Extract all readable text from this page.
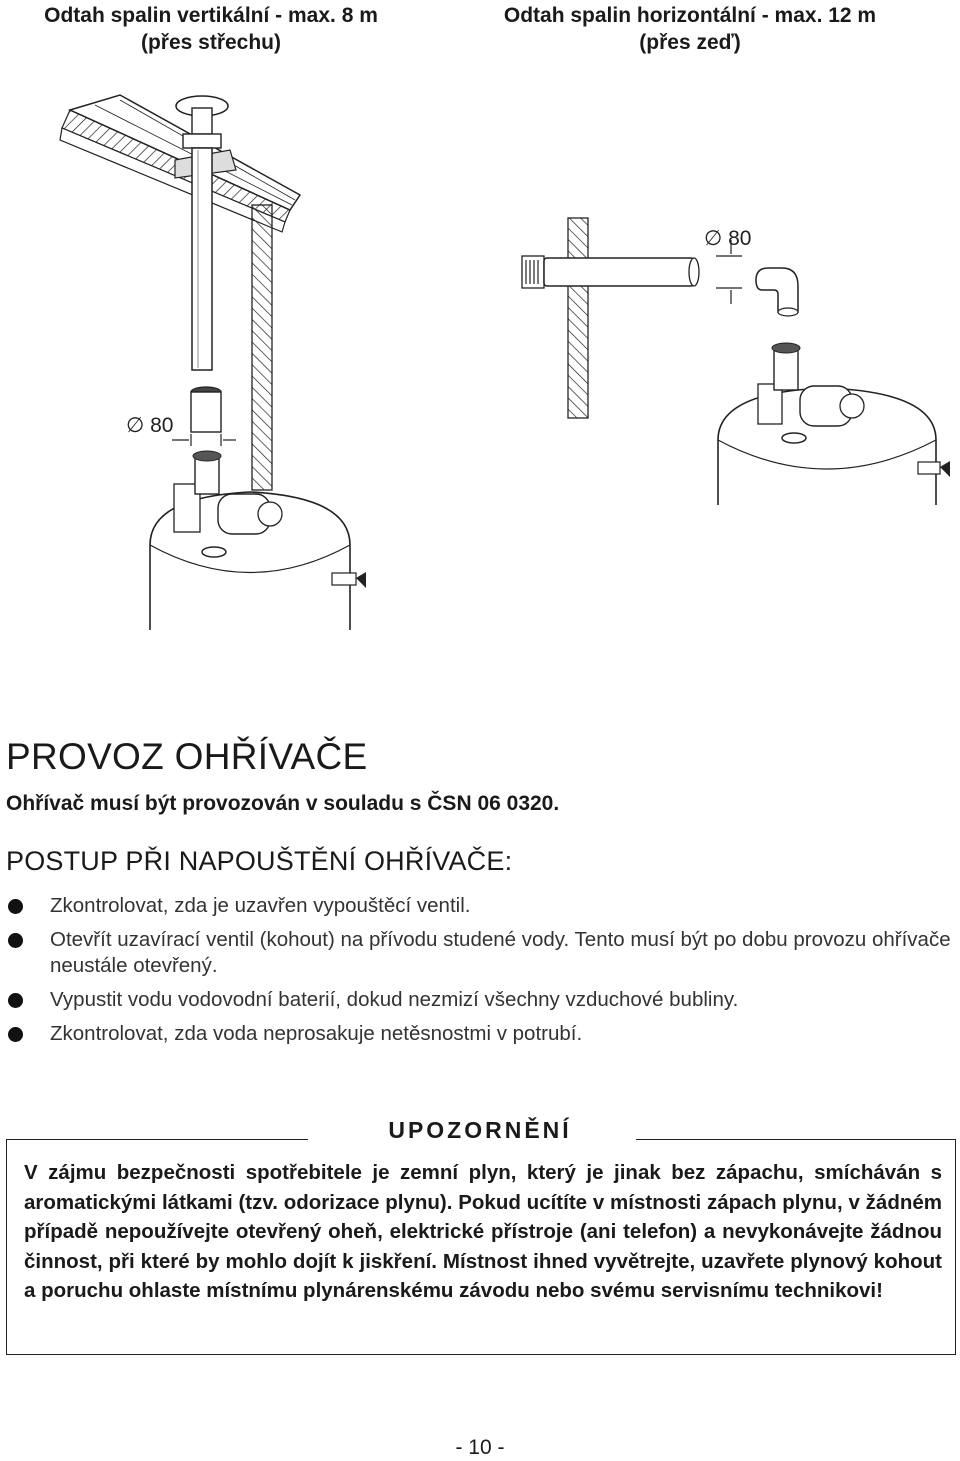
Odtah spalin vertikální - max. 8 m
(přes střechu)
Odtah spalin horizontální - max. 12 m
(přes zeď)
∅ 80
∅ 80
PROVOZ OHŘÍVAČE
Ohřívač musí být provozován v souladu s ČSN 06 0320.
POSTUP PŘI NAPOUŠTĚNÍ OHŘÍVAČE:
Zkontrolovat, zda je uzavřen vypouštěcí ventil.
Otevřít uzavírací ventil (kohout) na přívodu studené vody. Tento musí být po dobu provozu ohřívače neustále otevřený.
Vypustit vodu vodovodní baterií, dokud nezmizí všechny vzduchové bubliny.
Zkontrolovat, zda voda neprosakuje netěsnostmi v potrubí.
UPOZORNĚNÍ
V zájmu bezpečnosti spotřebitele je zemní plyn, který je jinak bez zápachu, smícháván s aromatickými látkami (tzv. odorizace plynu). Pokud ucítíte v místnosti zápach plynu, v žádném případě nepoužívejte otevřený oheň, elektrické přístroje (ani telefon) a nevykonávejte žádnou činnost, při které by mohlo dojít k jiskření. Místnost ihned vyvětrejte, uzavřete plynový kohout a poruchu ohlaste místnímu plynárenskému závodu nebo svému servisnímu technikovi!
- 10 -
